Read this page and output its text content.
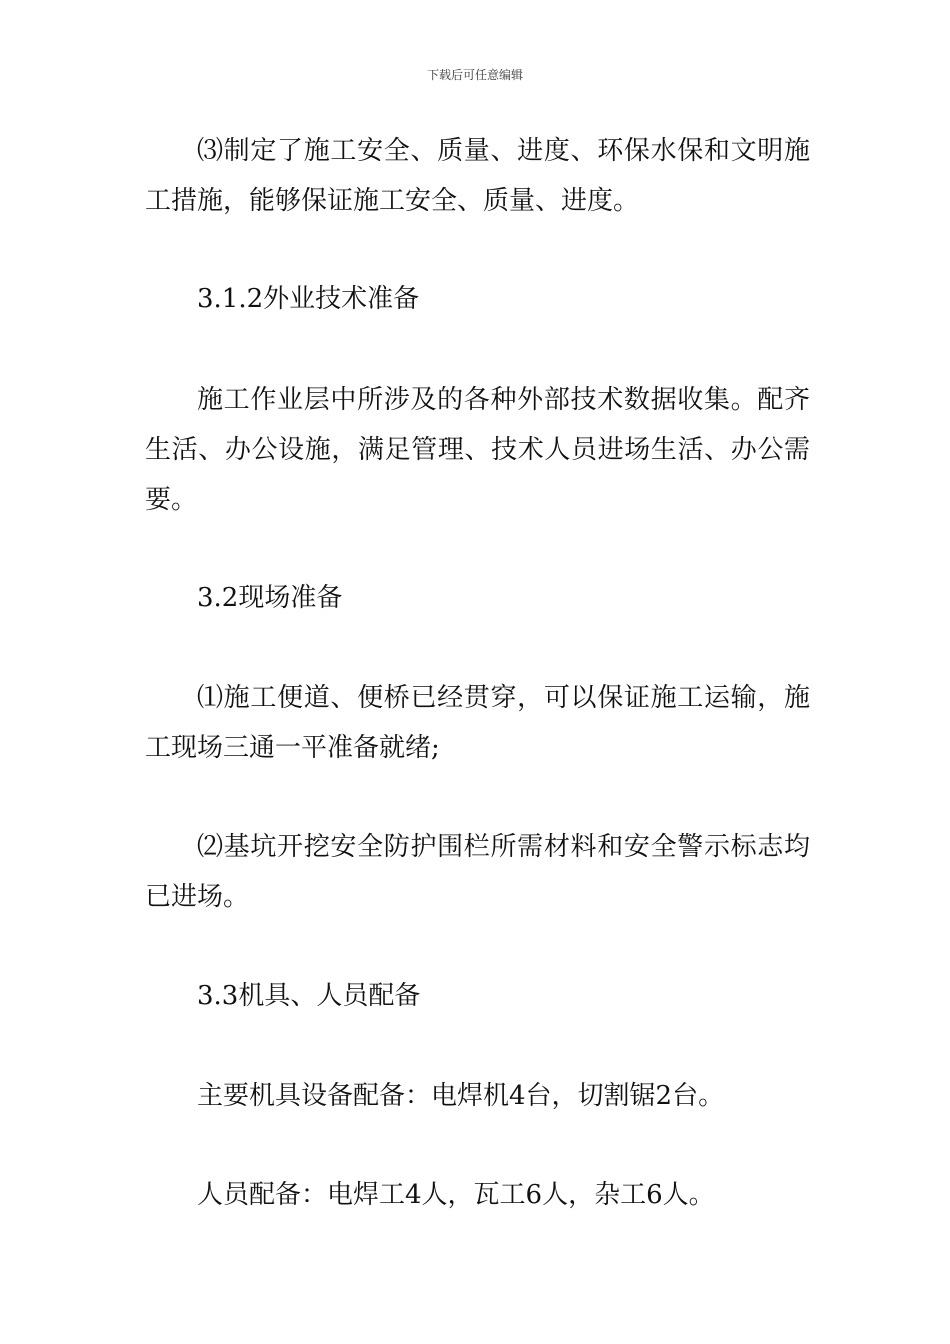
下载后可任意编辑

⑶制定了施工安全、质量、进度、环保水保和文明施工措施，能够保证施工安全、质量、进度。

3.1.2外业技术准备

施工作业层中所涉及的各种外部技术数据收集。配齐生活、办公设施，满足管理、技术人员进场生活、办公需要。

3.2现场准备

⑴施工便道、便桥已经贯穿，可以保证施工运输，施工现场三通一平准备就绪;

⑵基坑开挖安全防护围栏所需材料和安全警示标志均已进场。

3.3机具、人员配备

主要机具设备配备：电焊机4台，切割锯2台。

人员配备：电焊工4人，瓦工6人，杂工6人。
